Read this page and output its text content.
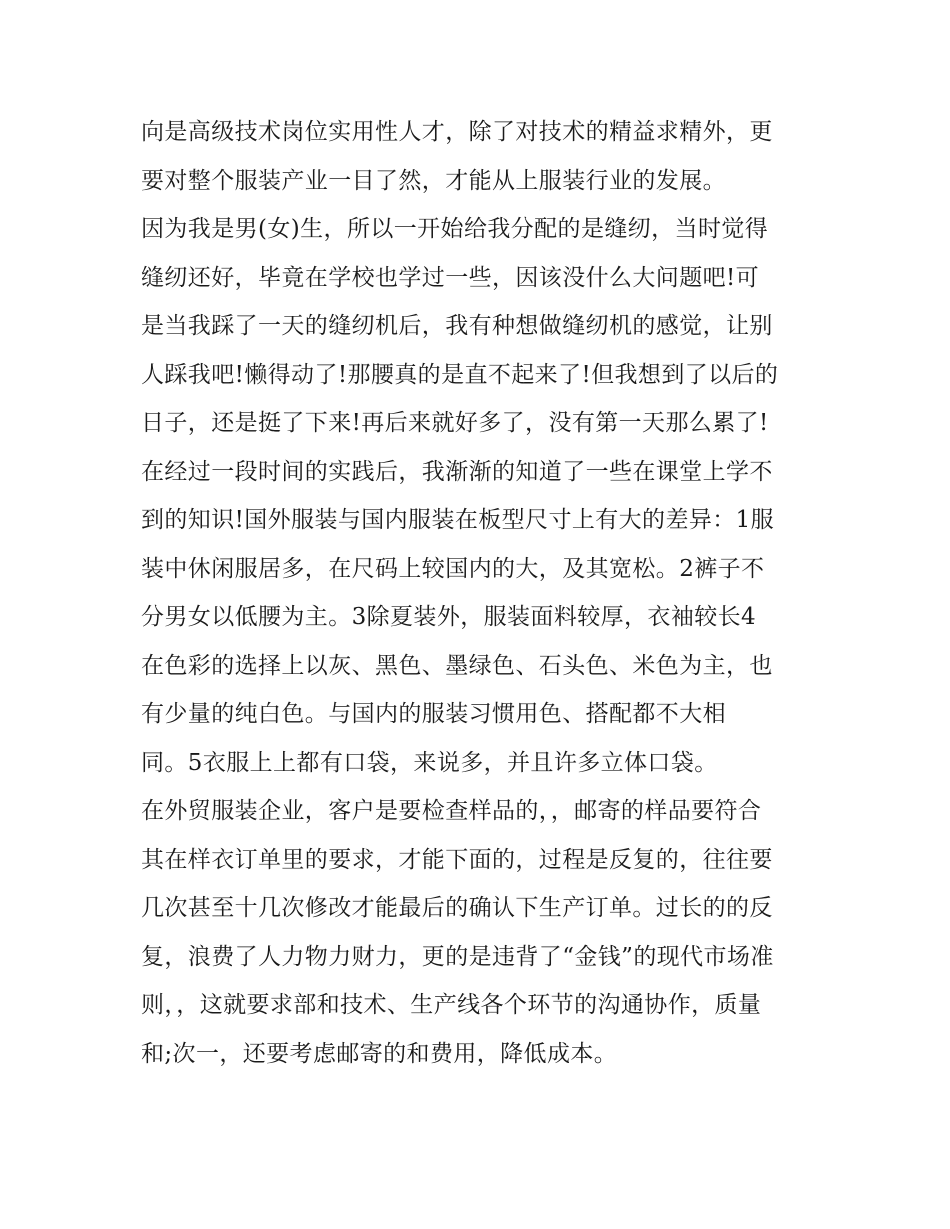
向是高级技术岗位实用性人才，除了对技术的精益求精外，更
要对整个服装产业一目了然，才能从上服装行业的发展。
因为我是男(女)生，所以一开始给我分配的是缝纫，当时觉得
缝纫还好，毕竟在学校也学过一些，因该没什么大问题吧!可
是当我踩了一天的缝纫机后，我有种想做缝纫机的感觉，让别
人踩我吧!懒得动了!那腰真的是直不起来了!但我想到了以后的
日子，还是挺了下来!再后来就好多了，没有第一天那么累了!
在经过一段时间的实践后，我渐渐的知道了一些在课堂上学不
到的知识!国外服装与国内服装在板型尺寸上有大的差异：1服
装中休闲服居多，在尺码上较国内的大，及其宽松。2裤子不
分男女以低腰为主。3除夏装外，服装面料较厚，衣袖较长4
在色彩的选择上以灰、黑色、墨绿色、石头色、米色为主，也
有少量的纯白色。与国内的服装习惯用色、搭配都不大相
同。5衣服上上都有口袋，来说多，并且许多立体口袋。
在外贸服装企业，客户是要检查样品的，，邮寄的样品要符合
其在样衣订单里的要求，才能下面的，过程是反复的，往往要
几次甚至十几次修改才能最后的确认下生产订单。过长的的反
复，浪费了人力物力财力，更的是违背了“金钱”的现代市场准
则，，这就要求部和技术、生产线各个环节的沟通协作，质量
和;次一，还要考虑邮寄的和费用，降低成本。
